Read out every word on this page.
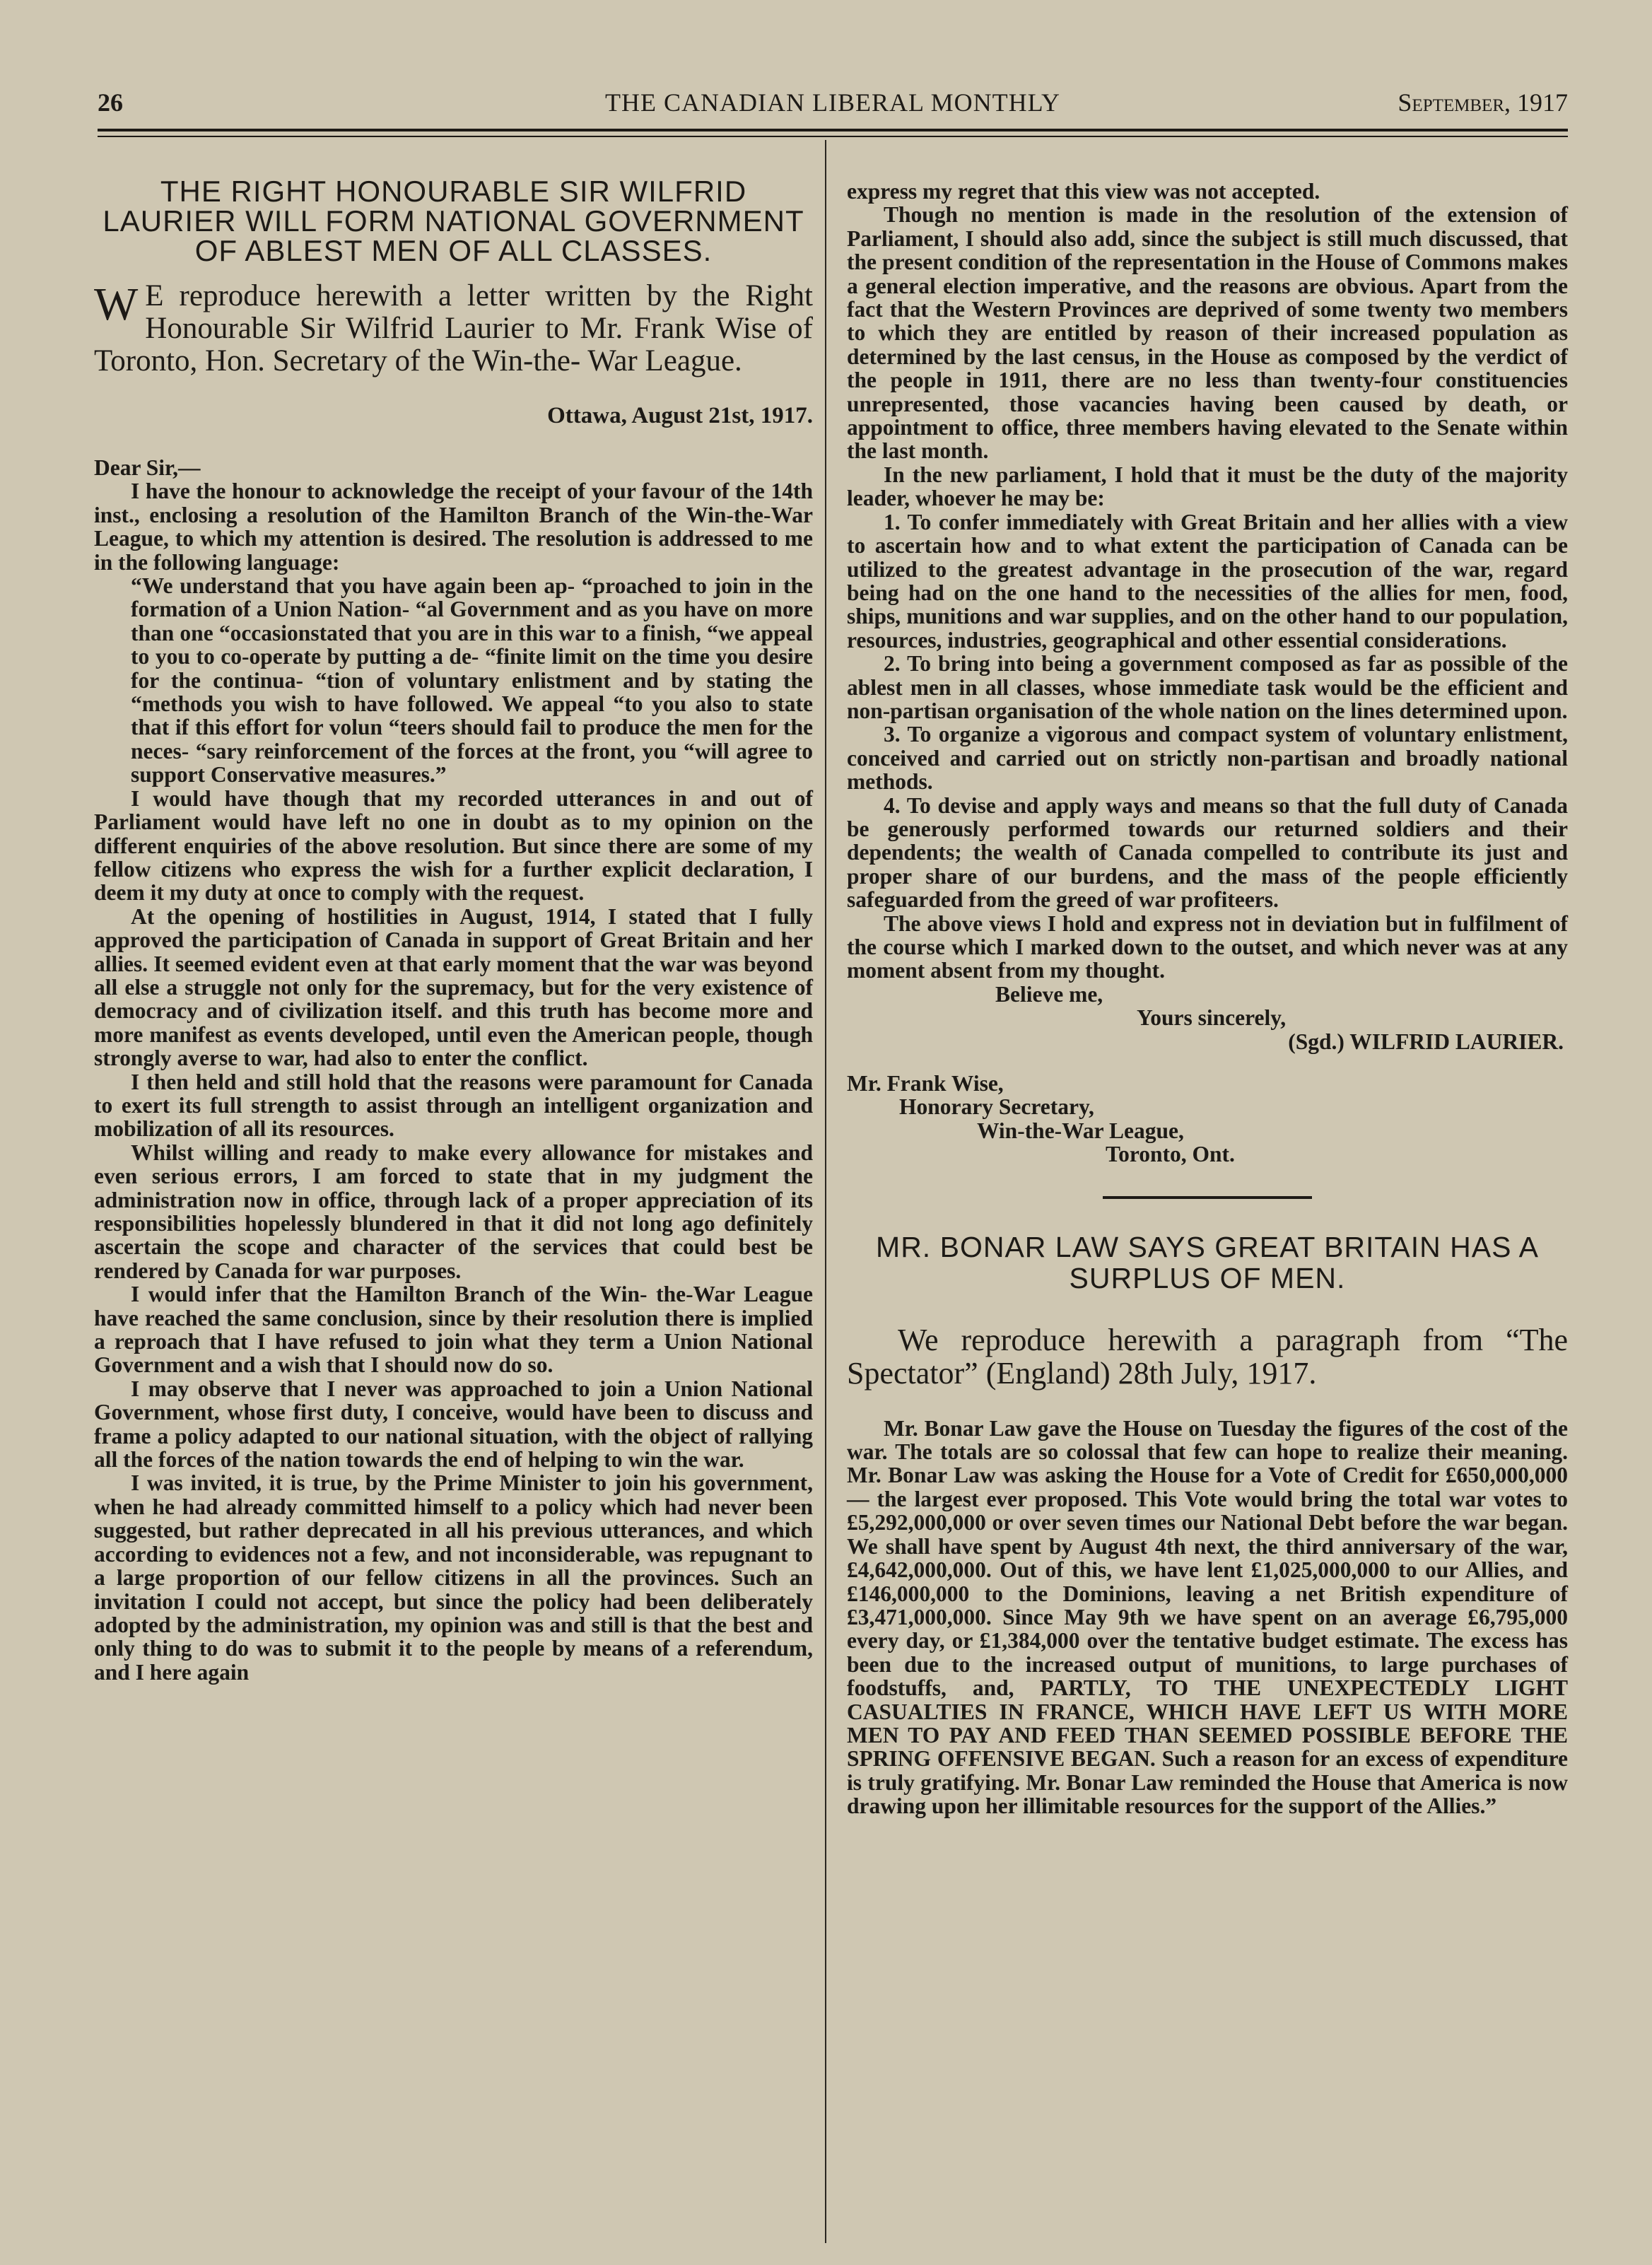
26	THE CANADIAN LIBERAL MONTHLY	September, 1917
THE RIGHT HONOURABLE SIR WILFRID LAURIER WILL FORM NATIONAL GOVERNMENT OF ABLEST MEN OF ALL CLASSES.
W E reproduce herewith a letter written by the Right Honourable Sir Wilfrid Laurier to Mr. Frank Wise of Toronto, Hon. Secretary of the Win-the- War League.
Ottawa, August 21st, 1917.

Dear Sir,—

I have the honour to acknowledge the receipt of your favour of the 14th inst., enclosing a resolution of the Hamilton Branch of the Win-the-War League, to which my attention is desired. The resolution is addressed to me in the following language:

“We understand that you have again been ap- “proached to join in the formation of a Union Nation- “al Government and as you have on more than one “occasionstated that you are in this war to a finish, “we appeal to you to co-operate by putting a de- “finite limit on the time you desire for the continua- “tion of voluntary enlistment and by stating the “methods you wish to have followed. We appeal “to you also to state that if this effort for volun “teers should fail to produce the men for the neces- “sary reinforcement of the forces at the front, you “will agree to support Conservative measures.”

I would have though that my recorded utterances in and out of Parliament would have left no one in doubt as to my opinion on the different enquiries of the above resolution. But since there are some of my fellow citizens who express the wish for a further explicit declaration, I deem it my duty at once to comply with the request.

At the opening of hostilities in August, 1914, I stated that I fully approved the participation of Canada in support of Great Britain and her allies. It seemed evident even at that early moment that the war was beyond all else a struggle not only for the supremacy, but for the very existence of democracy and of civilization itself. and this truth has become more and more manifest as events developed, until even the American people, though strongly averse to war, had also to enter the conflict.

I then held and still hold that the reasons were paramount for Canada to exert its full strength to assist through an intelligent organization and mobilization of all its resources.

Whilst willing and ready to make every allowance for mistakes and even serious errors, I am forced to state that in my judgment the administration now in office, through lack of a proper appreciation of its responsibilities hopelessly blundered in that it did not long ago definitely ascertain the scope and character of the services that could best be rendered by Canada for war purposes.

I would infer that the Hamilton Branch of the Win- the-War League have reached the same conclusion, since by their resolution there is implied a reproach that I have refused to join what they term a Union National Government and a wish that I should now do so.

I may observe that I never was approached to join a Union National Government, whose first duty, I conceive, would have been to discuss and frame a policy adapted to our national situation, with the object of rallying all the forces of the nation towards the end of helping to win the war.

I was invited, it is true, by the Prime Minister to join his government, when he had already committed himself to a policy which had never been suggested, but rather deprecated in all his previous utterances, and which according to evidences not a few, and not inconsiderable, was repugnant to a large proportion of our fellow citizens in all the provinces. Such an invitation I could not accept, but since the policy had been deliberately adopted by the administration, my opinion was and still is that the best and only thing to do was to submit it to the people by means of a referendum, and I here again

express my regret that this view was not accepted.

Though no mention is made in the resolution of the extension of Parliament, I should also add, since the subject is still much discussed, that the present condition of the representation in the House of Commons makes a general election imperative, and the reasons are obvious. Apart from the fact that the Western Provinces are deprived of some twenty two members to which they are entitled by reason of their increased population as determined by the last census, in the House as composed by the verdict of the people in 1911, there are no less than twenty-four constituencies unrepresented, those vacancies having been caused by death, or appointment to office, three members having elevated to the Senate within the last month.

In the new parliament, I hold that it must be the duty of the majority leader, whoever he may be:

1. To confer immediately with Great Britain and her allies with a view to ascertain how and to what extent the participation of Canada can be utilized to the greatest advantage in the prosecution of the war, regard being had on the one hand to the necessities of the allies for men, food, ships, munitions and war supplies, and on the other hand to our population, resources, industries, geographical and other essential considerations.

2. To bring into being a government composed as far as possible of the ablest men in all classes, whose immediate task would be the efficient and non-partisan organisation of the whole nation on the lines determined upon.

3. To organize a vigorous and compact system of voluntary enlistment, conceived and carried out on strictly non-partisan and broadly national methods.

4. To devise and apply ways and means so that the full duty of Canada be generously performed towards our returned soldiers and their dependents; the wealth of Canada compelled to contribute its just and proper share of our burdens, and the mass of the people efficiently safeguarded from the greed of war profiteers.

The above views I hold and express not in deviation but in fulfilment of the course which I marked down to the outset, and which never was at any moment absent from my thought.

Believe me,

Yours sincerely,

(Sgd.) WILFRID LAURIER.

Mr. Frank Wise,

Honorary Secretary,

Win-the-War League,

Toronto, Ont.

MR. BONAR LAW SAYS GREAT BRITAIN HAS A SURPLUS OF MEN.
We reproduce herewith a paragraph from “The Spectator” (England) 28th July, 1917.

Mr. Bonar Law gave the House on Tuesday the figures of the cost of the war. The totals are so colossal that few can hope to realize their meaning. Mr. Bonar Law was asking the House for a Vote of Credit for £650,000,000— the largest ever proposed. This Vote would bring the total war votes to £5,292,000,000 or over seven times our National Debt before the war began. We shall have spent by August 4th next, the third anniversary of the war, £4,642,000,000. Out of this, we have lent £1,025,000,000 to our Allies, and £146,000,000 to the Dominions, leaving a net British expenditure of £3,471,000,000. Since May 9th we have spent on an average £6,795,000 every day, or £1,384,000 over the tentative budget estimate. The excess has been due to the increased output of munitions, to large purchases of foodstuffs, and, PARTLY, TO THE UNEXPECTEDLY LIGHT CASUALTIES IN FRANCE, WHICH HAVE LEFT US WITH MORE MEN TO PAY AND FEED THAN SEEMED POSSIBLE BEFORE THE SPRING OFFENSIVE BEGAN. Such a reason for an excess of expenditure is truly gratifying. Mr. Bonar Law reminded the House that America is now drawing upon her illimitable resources for the support of the Allies.”
